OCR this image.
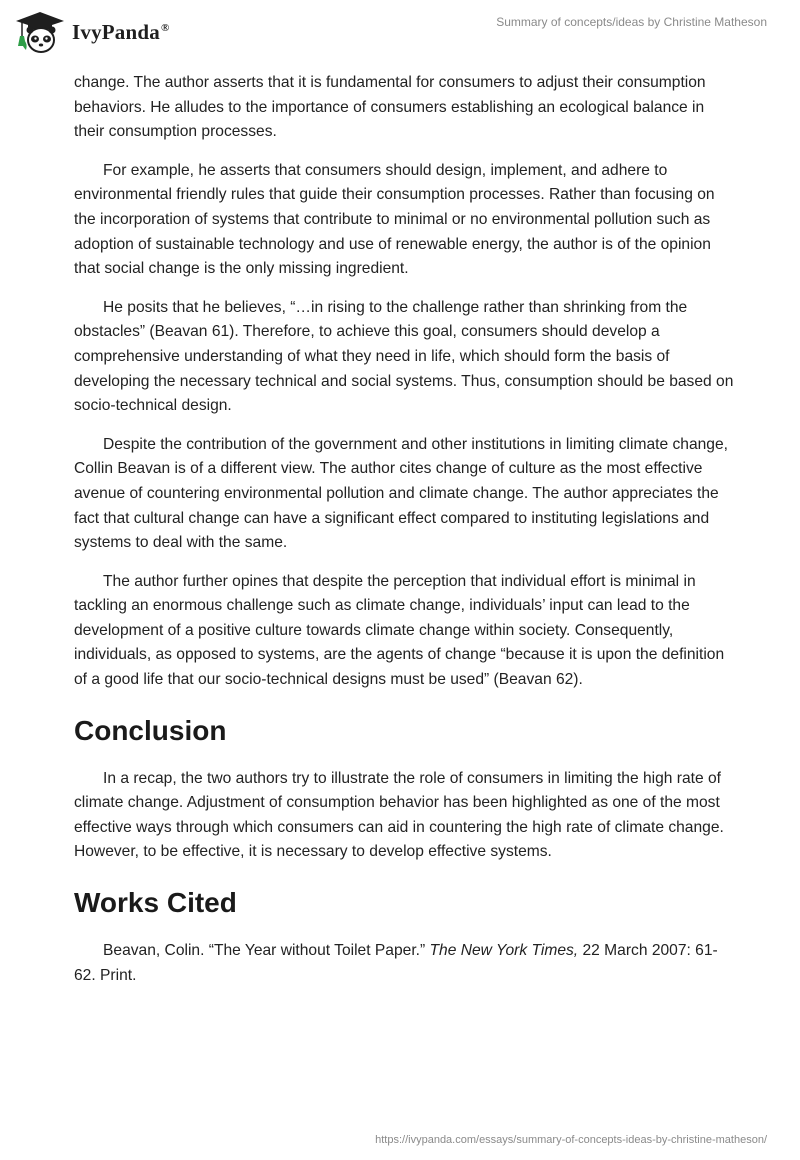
IvyPanda®	Summary of concepts/ideas by Christine Matheson

change. The author asserts that it is fundamental for consumers to adjust their consumption behaviors. He alludes to the importance of consumers establishing an ecological balance in their consumption processes.

For example, he asserts that consumers should design, implement, and adhere to environmental friendly rules that guide their consumption processes. Rather than focusing on the incorporation of systems that contribute to minimal or no environmental pollution such as adoption of sustainable technology and use of renewable energy, the author is of the opinion that social change is the only missing ingredient.

He posits that he believes, “…in rising to the challenge rather than shrinking from the obstacles” (Beavan 61). Therefore, to achieve this goal, consumers should develop a comprehensive understanding of what they need in life, which should form the basis of developing the necessary technical and social systems. Thus, consumption should be based on socio-technical design.

Despite the contribution of the government and other institutions in limiting climate change, Collin Beavan is of a different view. The author cites change of culture as the most effective avenue of countering environmental pollution and climate change. The author appreciates the fact that cultural change can have a significant effect compared to instituting legislations and systems to deal with the same.

The author further opines that despite the perception that individual effort is minimal in tackling an enormous challenge such as climate change, individuals’ input can lead to the development of a positive culture towards climate change within society. Consequently, individuals, as opposed to systems, are the agents of change “because it is upon the definition of a good life that our socio-technical designs must be used” (Beavan 62).

Conclusion

In a recap, the two authors try to illustrate the role of consumers in limiting the high rate of climate change. Adjustment of consumption behavior has been highlighted as one of the most effective ways through which consumers can aid in countering the high rate of climate change. However, to be effective, it is necessary to develop effective systems.

Works Cited

Beavan, Colin. “The Year without Toilet Paper.” The New York Times, 22 March 2007: 61-62. Print.

https://ivypanda.com/essays/summary-of-concepts-ideas-by-christine-matheson/
